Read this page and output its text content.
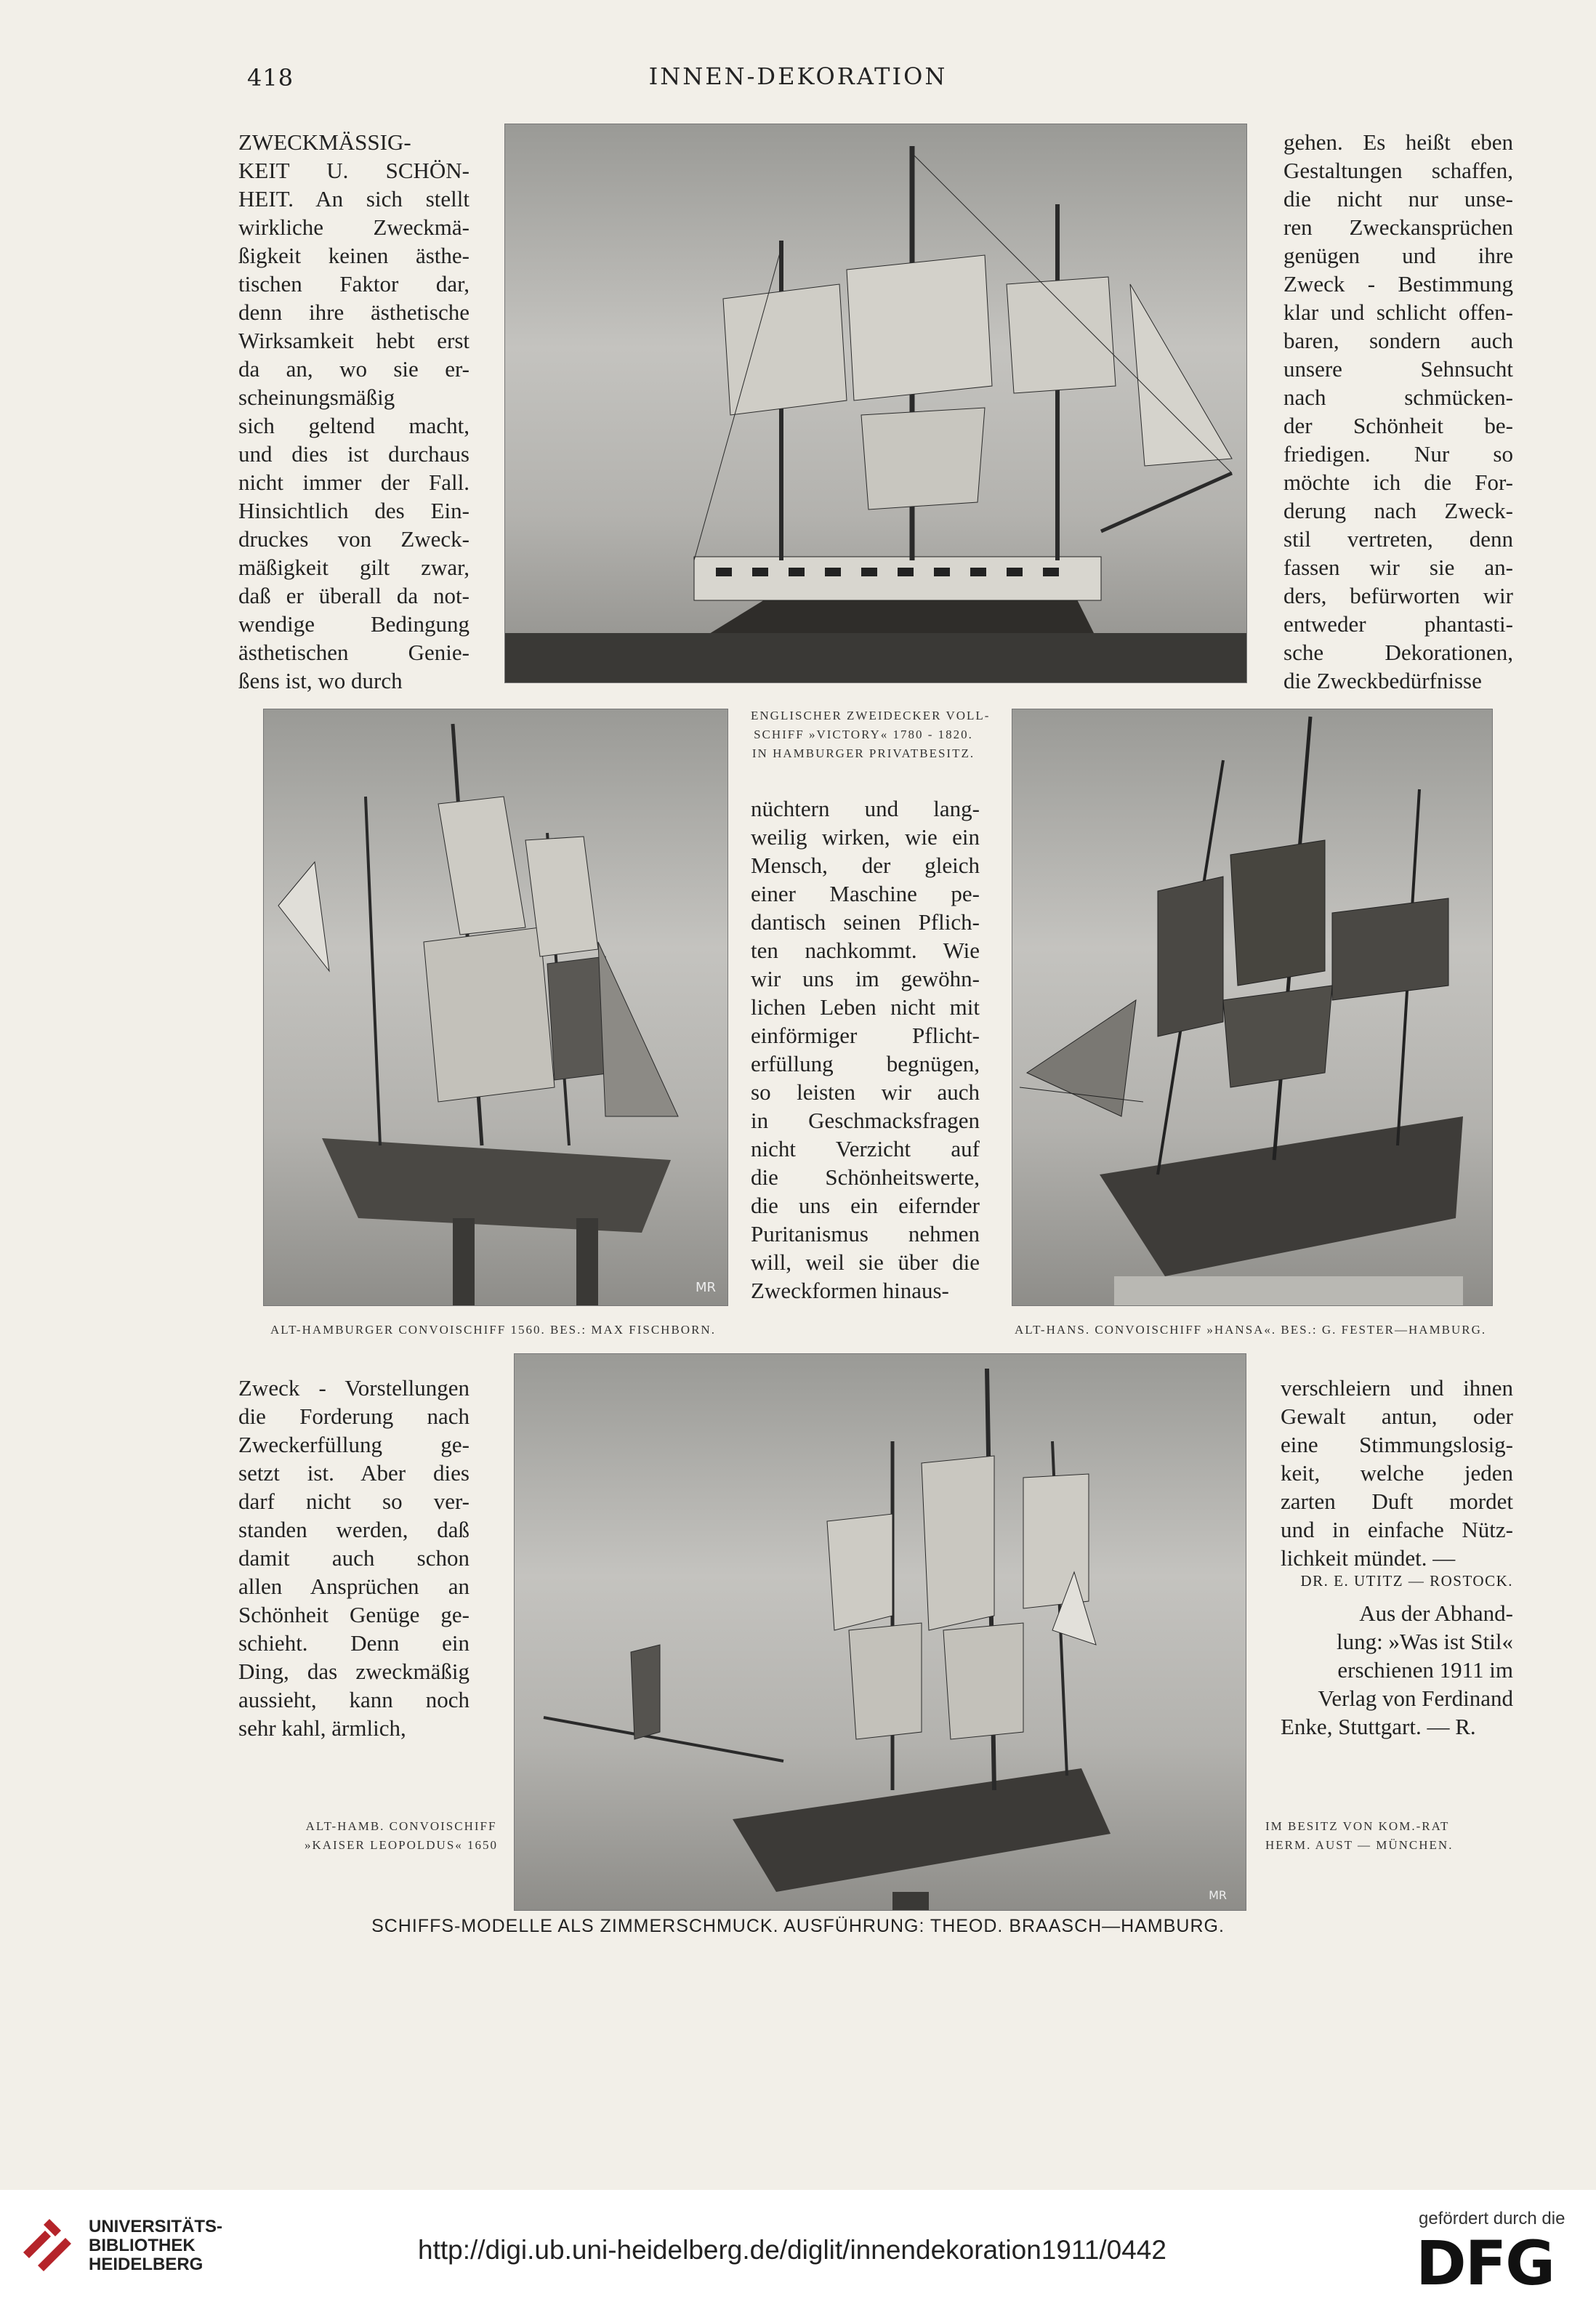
418	INNEN-DEKORATION
ZWECKMÄSSIG-
KEIT U. SCHÖN-
HEIT. An sich stellt
wirkliche Zweckmä-
ßigkeit keinen ästhe-
tischen Faktor dar,
denn ihre ästhetische
Wirksamkeit hebt erst
da an, wo sie er-
scheinungsmäßig
sich geltend macht,
und dies ist durchaus
nicht immer der Fall.
Hinsichtlich des Ein-
druckes von Zweck-
mäßigkeit gilt zwar,
daß er überall da not-
wendige Bedingung
ästhetischen Genie-
ßens ist, wo durch
gehen. Es heißt eben
Gestaltungen schaffen,
die nicht nur unse-
ren Zweckansprüchen
genügen und ihre
Zweck - Bestimmung
klar und schlicht offen-
baren, sondern auch
unsere Sehnsucht
nach schmücken-
der Schönheit be-
friedigen. Nur so
möchte ich die For-
derung nach Zweck-
stil vertreten, denn
fassen wir sie an-
ders, befürworten wir
entweder phantasti-
sche Dekorationen,
die Zweckbedürfnisse
ENGLISCHER ZWEIDECKER VOLL-
SCHIFF »VICTORY« 1780 - 1820.
IN HAMBURGER PRIVATBESITZ.
MR
nüchtern und lang-
weilig wirken, wie ein
Mensch, der gleich
einer Maschine pe-
dantisch seinen Pflich-
ten nachkommt. Wie
wir uns im gewöhn-
lichen Leben nicht mit
einförmiger Pflicht-
erfüllung begnügen,
so leisten wir auch
in Geschmacksfragen
nicht Verzicht auf
die Schönheitswerte,
die uns ein eifernder
Puritanismus nehmen
will, weil sie über die
Zweckformen hinaus-
ALT-HAMBURGER CONVOISCHIFF 1560. BES.: MAX FISCHBORN.	ALT-HANS. CONVOISCHIFF »HANSA«. BES.: G. FESTER—HAMBURG.
Zweck - Vorstellungen
die Forderung nach
Zweckerfüllung ge-
setzt ist. Aber dies
darf nicht so ver-
standen werden, daß
damit auch schon
allen Ansprüchen an
Schönheit Genüge ge-
schieht. Denn ein
Ding, das zweckmäßig
aussieht, kann noch
sehr kahl, ärmlich,
MR
verschleiern und ihnen
Gewalt antun, oder
eine Stimmungslosig-
keit, welche jeden
zarten Duft mordet
und in einfache Nütz-
lichkeit mündet. —
DR. E. UTITZ — ROSTOCK.
Aus der Abhand-
lung: »Was ist Stil«
erschienen 1911 im
Verlag von Ferdinand
Enke, Stuttgart. — R.
ALT-HAMB. CONVOISCHIFF
»KAISER LEOPOLDUS« 1650
IM BESITZ VON KOM.-RAT
HERM. AUST — MÜNCHEN.
SCHIFFS-MODELLE ALS ZIMMERSCHMUCK. AUSFÜHRUNG: THEOD. BRAASCH—HAMBURG.
UNIVERSITÄTS-
BIBLIOTHEK
HEIDELBERG	http://digi.ub.uni-heidelberg.de/diglit/innendekoration1911/0442
gefördert durch die
DFG
